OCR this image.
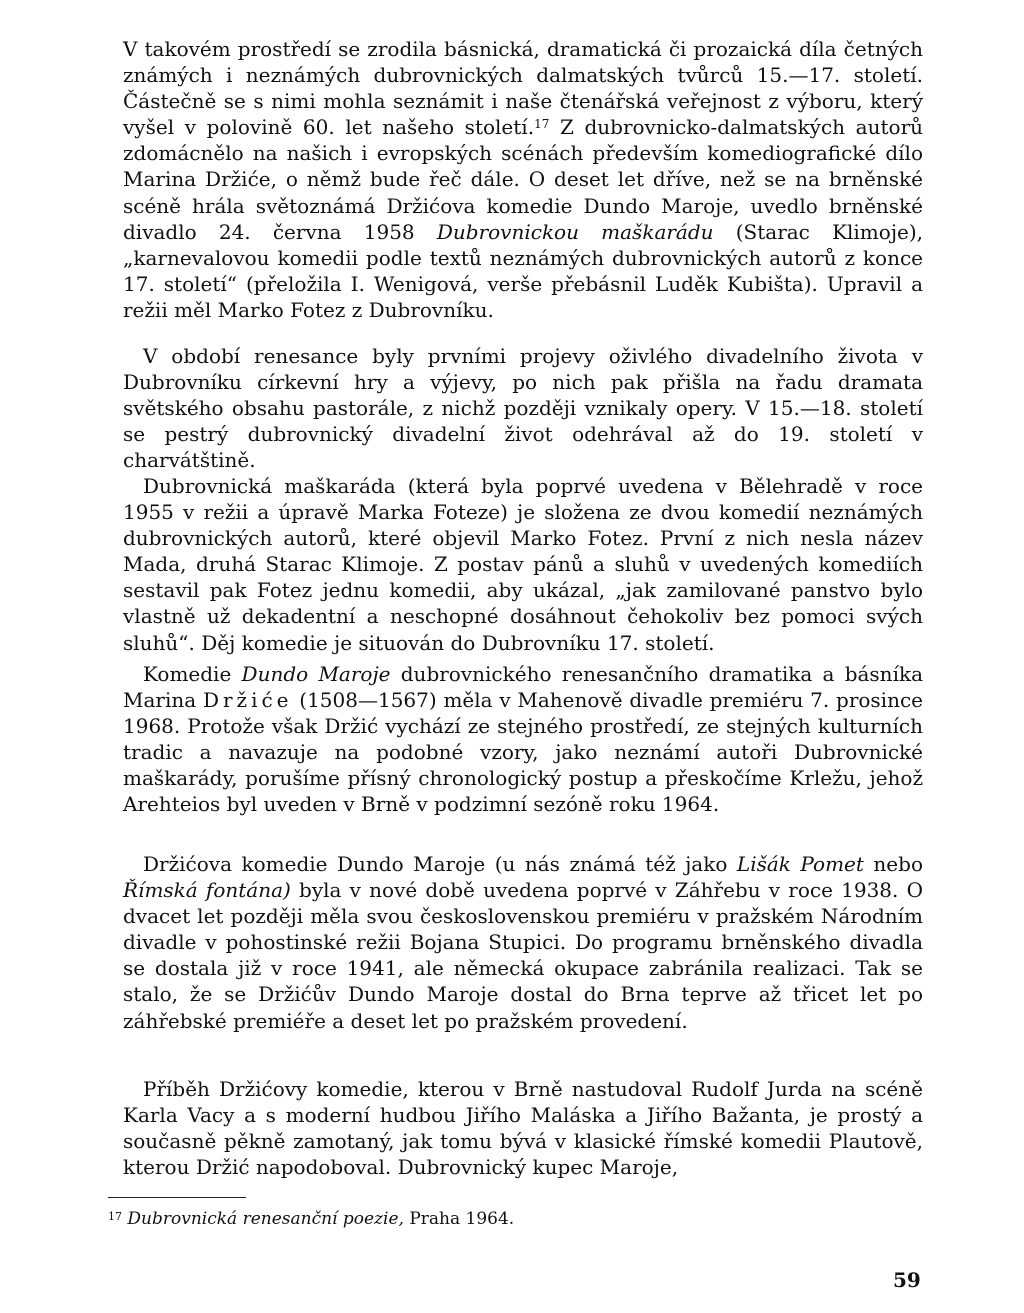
V takovém prostředí se zrodila básnická, dramatická či prozaická díla četných známých i neznámých dubrovnických dalmatských tvůrců 15.—17. století. Částečně se s nimi mohla seznámit i naše čtenářská veřejnost z výboru, který vyšel v polovině 60. let našeho století.$^{17}$ Z dubrovnicko-dalmatských autorů zdomácnělo na našich i evropských scénách především komediografické dílo Marina Držiće, o němž bude řeč dále. O deset let dříve, než se na brněnské scéně hrála světoznámá Držićova komedie Dundo Maroje, uvedlo brněnské divadlo 24. června 1958 Dubrovnickou maškarádu (Starac Klimoje), „karnevalovou komedii podle textů neznámých dubrovnických autorů z konce 17. století“ (přeložila I. Wenigová, verše přebásnil Luděk Kubišta). Upravil a režii měl Marko Fotez z Dubrovníku.

V období renesance byly prvními projevy oživlého divadelního života v Dubrovníku církevní hry a výjevy, po nich pak přišla na řadu dramata světského obsahu pastorále, z nichž později vznikaly opery. V 15.—18. století se pestrý dubrovnický divadelní život odehrával až do 19. století v charvátštině.

Dubrovnická maškaráda (která byla poprvé uvedena v Bělehradě v roce 1955 v režii a úpravě Marka Foteze) je složena ze dvou komedií neznámých dubrovnických autorů, které objevil Marko Fotez. První z nich nesla název Mada, druhá Starac Klimoje. Z postav pánů a sluhů v uvedených komediích sestavil pak Fotez jednu komedii, aby ukázal, „jak zamilované panstvo bylo vlastně už dekadentní a neschopné dosáhnout čehokoliv bez pomoci svých sluhů“. Děj komedie je situován do Dubrovníku 17. století.

Komedie Dundo Maroje dubrovnického renesančního dramatika a básníka Marina Držiće (1508—1567) měla v Mahenově divadle premiéru 7. prosince 1968. Protože však Držić vychází ze stejného prostředí, ze stejných kulturních tradic a navazuje na podobné vzory, jako neznámí autoři Dubrovnické maškarády, porušíme přísný chronologický postup a přeskočíme Krležu, jehož Arehteios byl uveden v Brně v podzimní sezóně roku 1964.

Držićova komedie Dundo Maroje (u nás známá též jako Lišák Pomet nebo Římská fontána) byla v nové době uvedena poprvé v Záhřebu v roce 1938. O dvacet let později měla svou československou premiéru v pražském Národním divadle v pohostinské režii Bojana Stupici. Do programu brněnského divadla se dostala již v roce 1941, ale německá okupace zabránila realizaci. Tak se stalo, že se Držićův Dundo Maroje dostal do Brna teprve až třicet let po záhřebské premiéře a deset let po pražském provedení.

Příběh Držićovy komedie, kterou v Brně nastudoval Rudolf Jurda na scéně Karla Vacy a s moderní hudbou Jiřího Maláska a Jiřího Bažanta, je prostý a současně pěkně zamotaný, jak tomu bývá v klasické římské komedii Plautově, kterou Držić napodoboval. Dubrovnický kupec Maroje,

$^{17}$ Dubrovnická renesanční poezie, Praha 1964.
59
